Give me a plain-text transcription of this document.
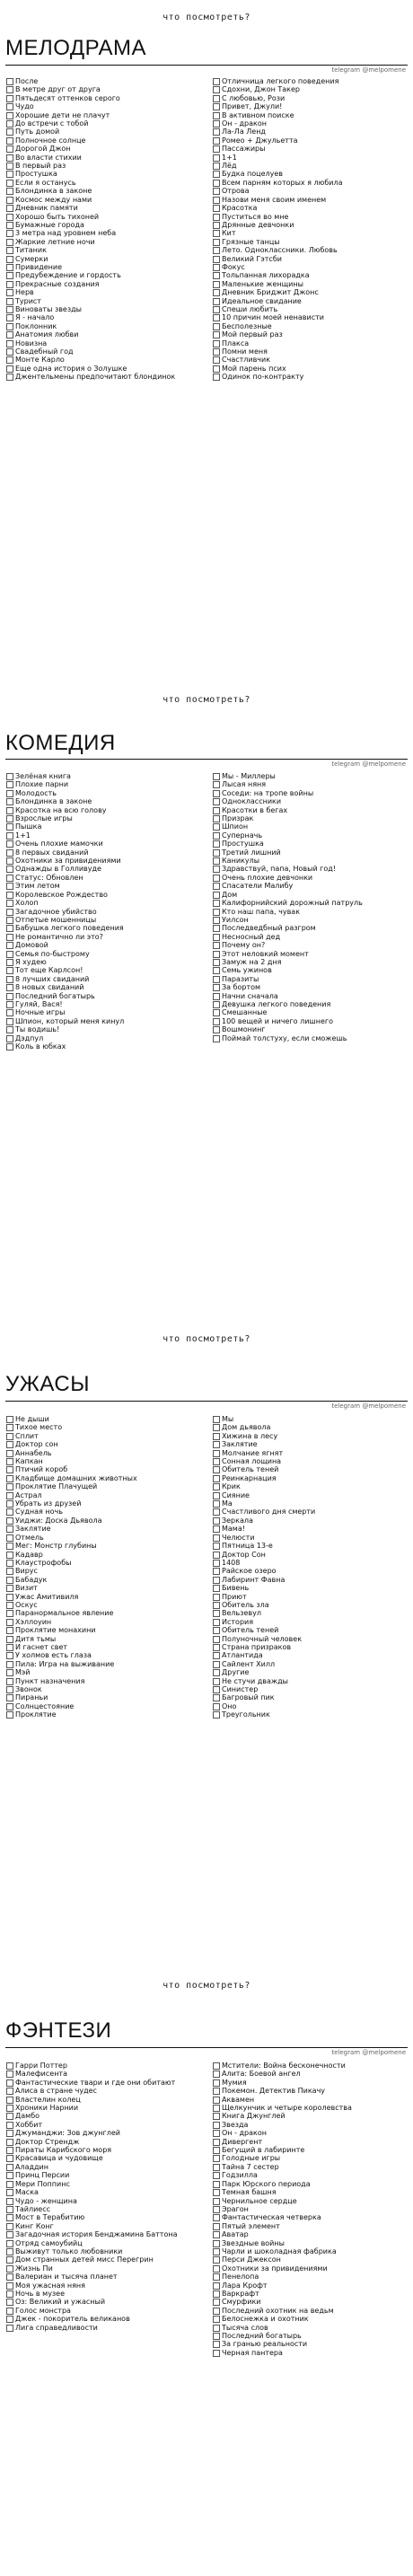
что посмотреть?
МЕЛОДРАМА
telegram @melpomene
После
В метре друг от друга
Пятьдесят оттенков серого
Чудо
Хорошие дети не плачут
До встречи с тобой
Путь домой
Полночное солнце
Дорогой Джон
Во власти стихии
В первый раз
Простушка
Если я останусь
Блондинка в законе
Космос между нами
Дневник памяти
Хорошо быть тихоней
Бумажные города
3 метра над уровнем неба
Жаркие летние ночи
Титаник
Сумерки
Привидение
Предубеждение и гордость
Прекрасные создания
Нерв
Турист
Виноваты звезды
Я - начало
Поклонник
Анатомия любви
Новизна
Свадебный год
Монте Карло
Еще одна история о Золушке
Джентельмены предпочитают блондинок
Отличница легкого поведения
Сдохни, Джон Такер
С любовью, Рози
Привет, Джули!
В активном поиске
Он - дракон
Ла-Ла Ленд
Ромео + Джульетта
Пассажиры
1+1
Лёд
Будка поцелуев
Всем парням которых я любила
Отрова
Назови меня своим именем
Красотка
Пуститься во мне
Дрянные девчонки
Кит
Грязные танцы
Лето. Одноклассники. Любовь
Великий Гэтсби
Фокус
Тольпанная лихорадка
Маленькие женщины
Дневник Бриджит Джонс
Идеальное свидание
Спеши любить
10 причин моей ненависти
Бесполезные
Мой первый раз
Плакса
Помни меня
Счастливчик
Мой парень псих
Одинок по-контракту
что посмотреть?
КОМЕДИЯ
telegram @melpomene
Зелёная книга
Плохие парни
Молодость
Блондинка в законе
Красотка на всю голову
Взрослые игры
Пышка
1+1
Очень плохие мамочки
8 первых свиданий
Охотники за привидениями
Однажды в Голливуде
Статус: Обновлен
Этим летом
Королевское Рождество
Холоп
Загадочное убийство
Отпетые мошенницы
Бабушка легкого поведения
Не романтично ли это?
Домовой
Семья по-быстрому
Я худею
Тот еще Карлсон!
8 лучших свиданий
8 новых свиданий
Последний богатырь
Гуляй, Вася!
Ночные игры
Шпион, который меня кинул
Ты водишь!
Дэдпул
Коль в юбках
Мы - Миллеры
Лысая няня
Соседи: на тропе войны
Одноклассники
Красотки в бегах
Призрак
Шпион
Суперначь
Простушка
Третий лишний
Каникулы
Здравствуй, папа, Новый год!
Очень плохие девчонки
Спасатели Малибу
Дом
Калифорнийский дорожный патруль
Кто наш папа, чувак
Уилсон
Последведбный разгром
Несносный дед
Почему он?
Этот неловкий момент
Замуж на 2 дня
Семь ужинов
Паразиты
За бортом
Начни сначала
Девушка легкого поведения
Смешанные
100 вещей и ничего лишнего
Вошмонинг
Поймай толстуху, если сможешь
что посмотреть?
УЖАСЫ
telegram @melpomene
Не дыши
Тихое место
Сплит
Доктор сон
Аннабель
Капкан
Птичий короб
Кладбище домашних животных
Проклятие Плачущей
Астрал
Убрать из друзей
Судная ночь
Уиджи: Доска Дьявола
Заклятие
Отмель
Мег: Монстр глубины
Кадавр
Клаустрофобы
Вирус
Бабадук
Визит
Ужас Амитивиля
Оскус
Паранормальное явление
Хэллоуин
Проклятие монахини
Дитя тьмы
И гаснет свет
У холмов есть глаза
Пила: Игра на выживание
Мэй
Пункт назначения
Звонок
Пираньи
Солнцестояние
Проклятие
Мы
Дом дьявола
Хижина в лесу
Заклятие
Молчание ягнят
Сонная лощина
Обитель теней
Реинкарнация
Крик
Сияние
Ма
Счастливого дня смерти
Зеркала
Мама!
Челюсти
Пятница 13-е
Доктор Сон
1408
Райское озеро
Лабиринт Фавна
Бивень
Приют
Обитель зла
Вельзевул
История
Обитель теней
Полуночный человек
Страна призраков
Атлантида
Сайлент Хилл
Другие
Не стучи дважды
Синистер
Багровый пик
Оно
Треугольник
что посмотреть?
ФЭНТЕЗИ
telegram @melpomene
Гарри Поттер
Малефисента
Фантастические твари и где они обитают
Алиса в стране чудес
Властелин колец
Хроники Нарнии
Дамбо
Хоббит
Джуманджи: Зов джунглей
Доктор Стрендж
Пираты Карибского моря
Красавица и чудовище
Аладдин
Принц Персии
Мери Поппинс
Маска
Чудо - женщина
Тайлиесс
Мост в Терабитию
Кинг Конг
Загадочная история Бенджамина Баттона
Отряд самоубийц
Выживут только любовники
Дом странных детей мисс Перегрин
Жизнь Пи
Валериан и тысяча планет
Моя ужасная няня
Ночь в музее
Оз: Великий и ужасный
Голос монстра
Джек - покоритель великанов
Лига справедливости
Мстители: Война бесконечности
Алита: Боевой ангел
Мумия
Покемон. Детектив Пикачу
Аквамен
Щелкунчик и четыре королевства
Книга Джунглей
Звезда
Он - дракон
Дивергент
Бегущий в лабиринте
Голодные игры
Тайна 7 сестер
Годзилла
Парк Юрского периода
Темная башня
Чернильное сердце
Эрагон
Фантастическая четверка
Пятый элемент
Аватар
Звездные войны
Чарли и шоколадная фабрика
Перси Джексон
Охотники за привидениями
Пенелопа
Лара Крофт
Варкрафт
Смурфики
Последний охотник на ведьм
Белоснежка и охотник
Тысяча слов
Последний богатырь
За гранью реальности
Черная пантера
